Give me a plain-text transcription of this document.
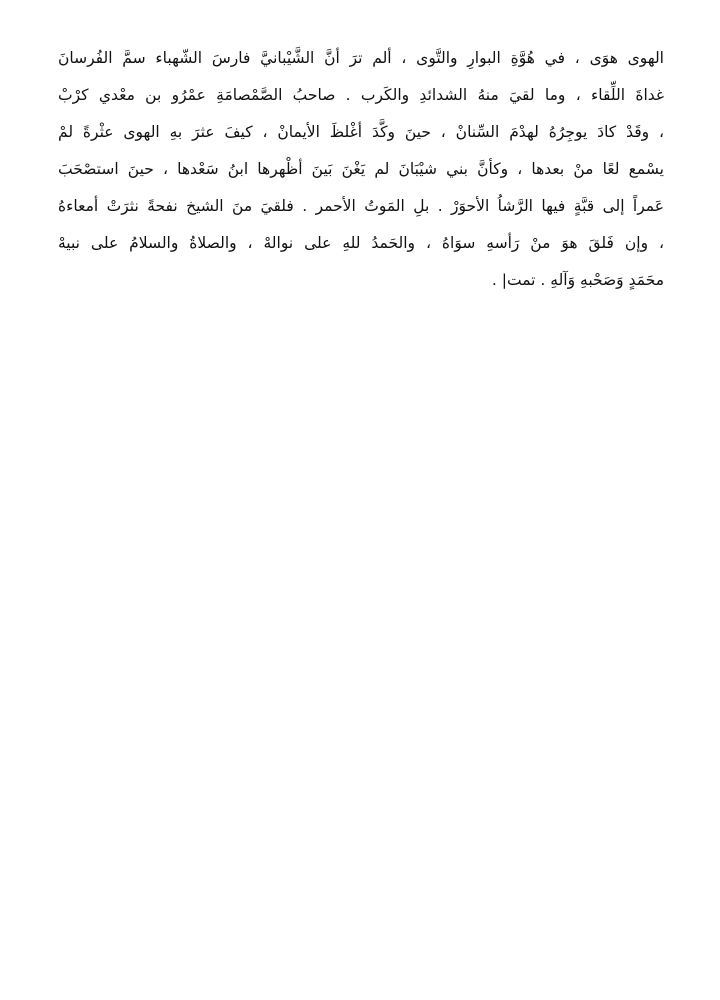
الهوى هوَى ، في هُوَّةِ البوارِ والتَّوى ، ألم ترَ أنَّ الشَّيْبانيَّ فارسَ الشّهباء سمَّ الفُرسانَ
غداةَ اللِّقاء ، وما لقيَ منهُ الشدائدِ والكَرب . صاحبُ الصَّمْصامَةِ عمْرُو بن معْدي كرْبْ
، وقَدْ كادَ يوجِرُهُ لهدْمَ السِّنانْ ، حينَ وكَّدَ أغْلظَ الأيمانْ ، كيفَ عثرَ بهِ الهوى عثْرةً لمْ
يسْمع لعًا منْ بعدها ، وكأنَّ بني شيْبَانَ لم يَغْنَ بَينَ أظْهرها ابنُ سَعْدها ، حينَ استصْحَبَ
عَمراً إلى قبَّةٍ فيها الرَّشاُ الأحوَرْ . بلِ المَوتُ الأحمر . فلقيَ منَ الشيخ نفحةً نثرَتْ أمعاءهُ
، وإن فَلقَ هوَ منْ رَأسهِ سوَاهُ ، والحَمدُ للهِ على نوالهْ ، والصلاةُ والسلامُ على نبيهْ
محَمَدٍ وَصَحْبهِ وَآلهِ . تمت| .
